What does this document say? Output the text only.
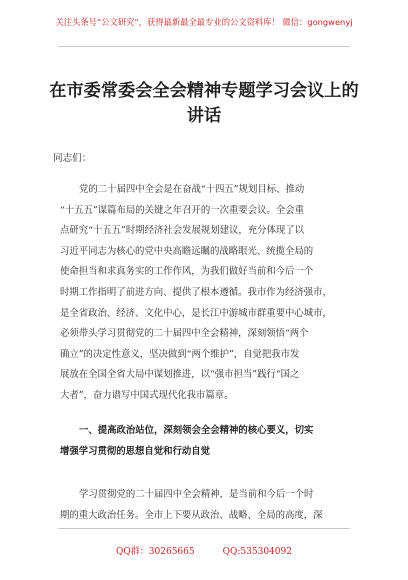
关注头条号“公文研究”，获得最新最全最专业的公文资料库！ 微信：gongwenyj
在市委常委会全会精神专题学习会议上的
讲话
同志们：
党的二十届四中全会是在奋战“十四五”规划目标、推动
“十五五”谋篇布局的关键之年召开的一次重要会议。全会重
点研究“十五五”时期经济社会发展规划建议，充分体现了以
习近平同志为核心的党中央高瞻远瞩的战略眼光、统揽全局的
使命担当和求真务实的工作作风，为我们做好当前和今后一个
时期工作指明了前进方向、提供了根本遵循。我市作为经济强市，
是全省政治、经济、文化中心，是长江中游城市群重要中心城市，
必须带头学习贯彻党的二十届四中全会精神，深刻领悟“两个
确立”的决定性意义，坚决做到“两个维护”，自觉把我市发
展放在全国全省大局中谋划推进，以“强市担当”践行“国之
大者”，奋力谱写中国式现代化我市篇章。
一、提高政治站位，深刻领会全会精神的核心要义，切实
增强学习贯彻的思想自觉和行动自觉
学习贯彻党的二十届四中全会精神，是当前和今后一个时
期的重大政治任务。全市上下要从政治、战略、全局的高度，深
QQ群：30265665	QQ:535304092
